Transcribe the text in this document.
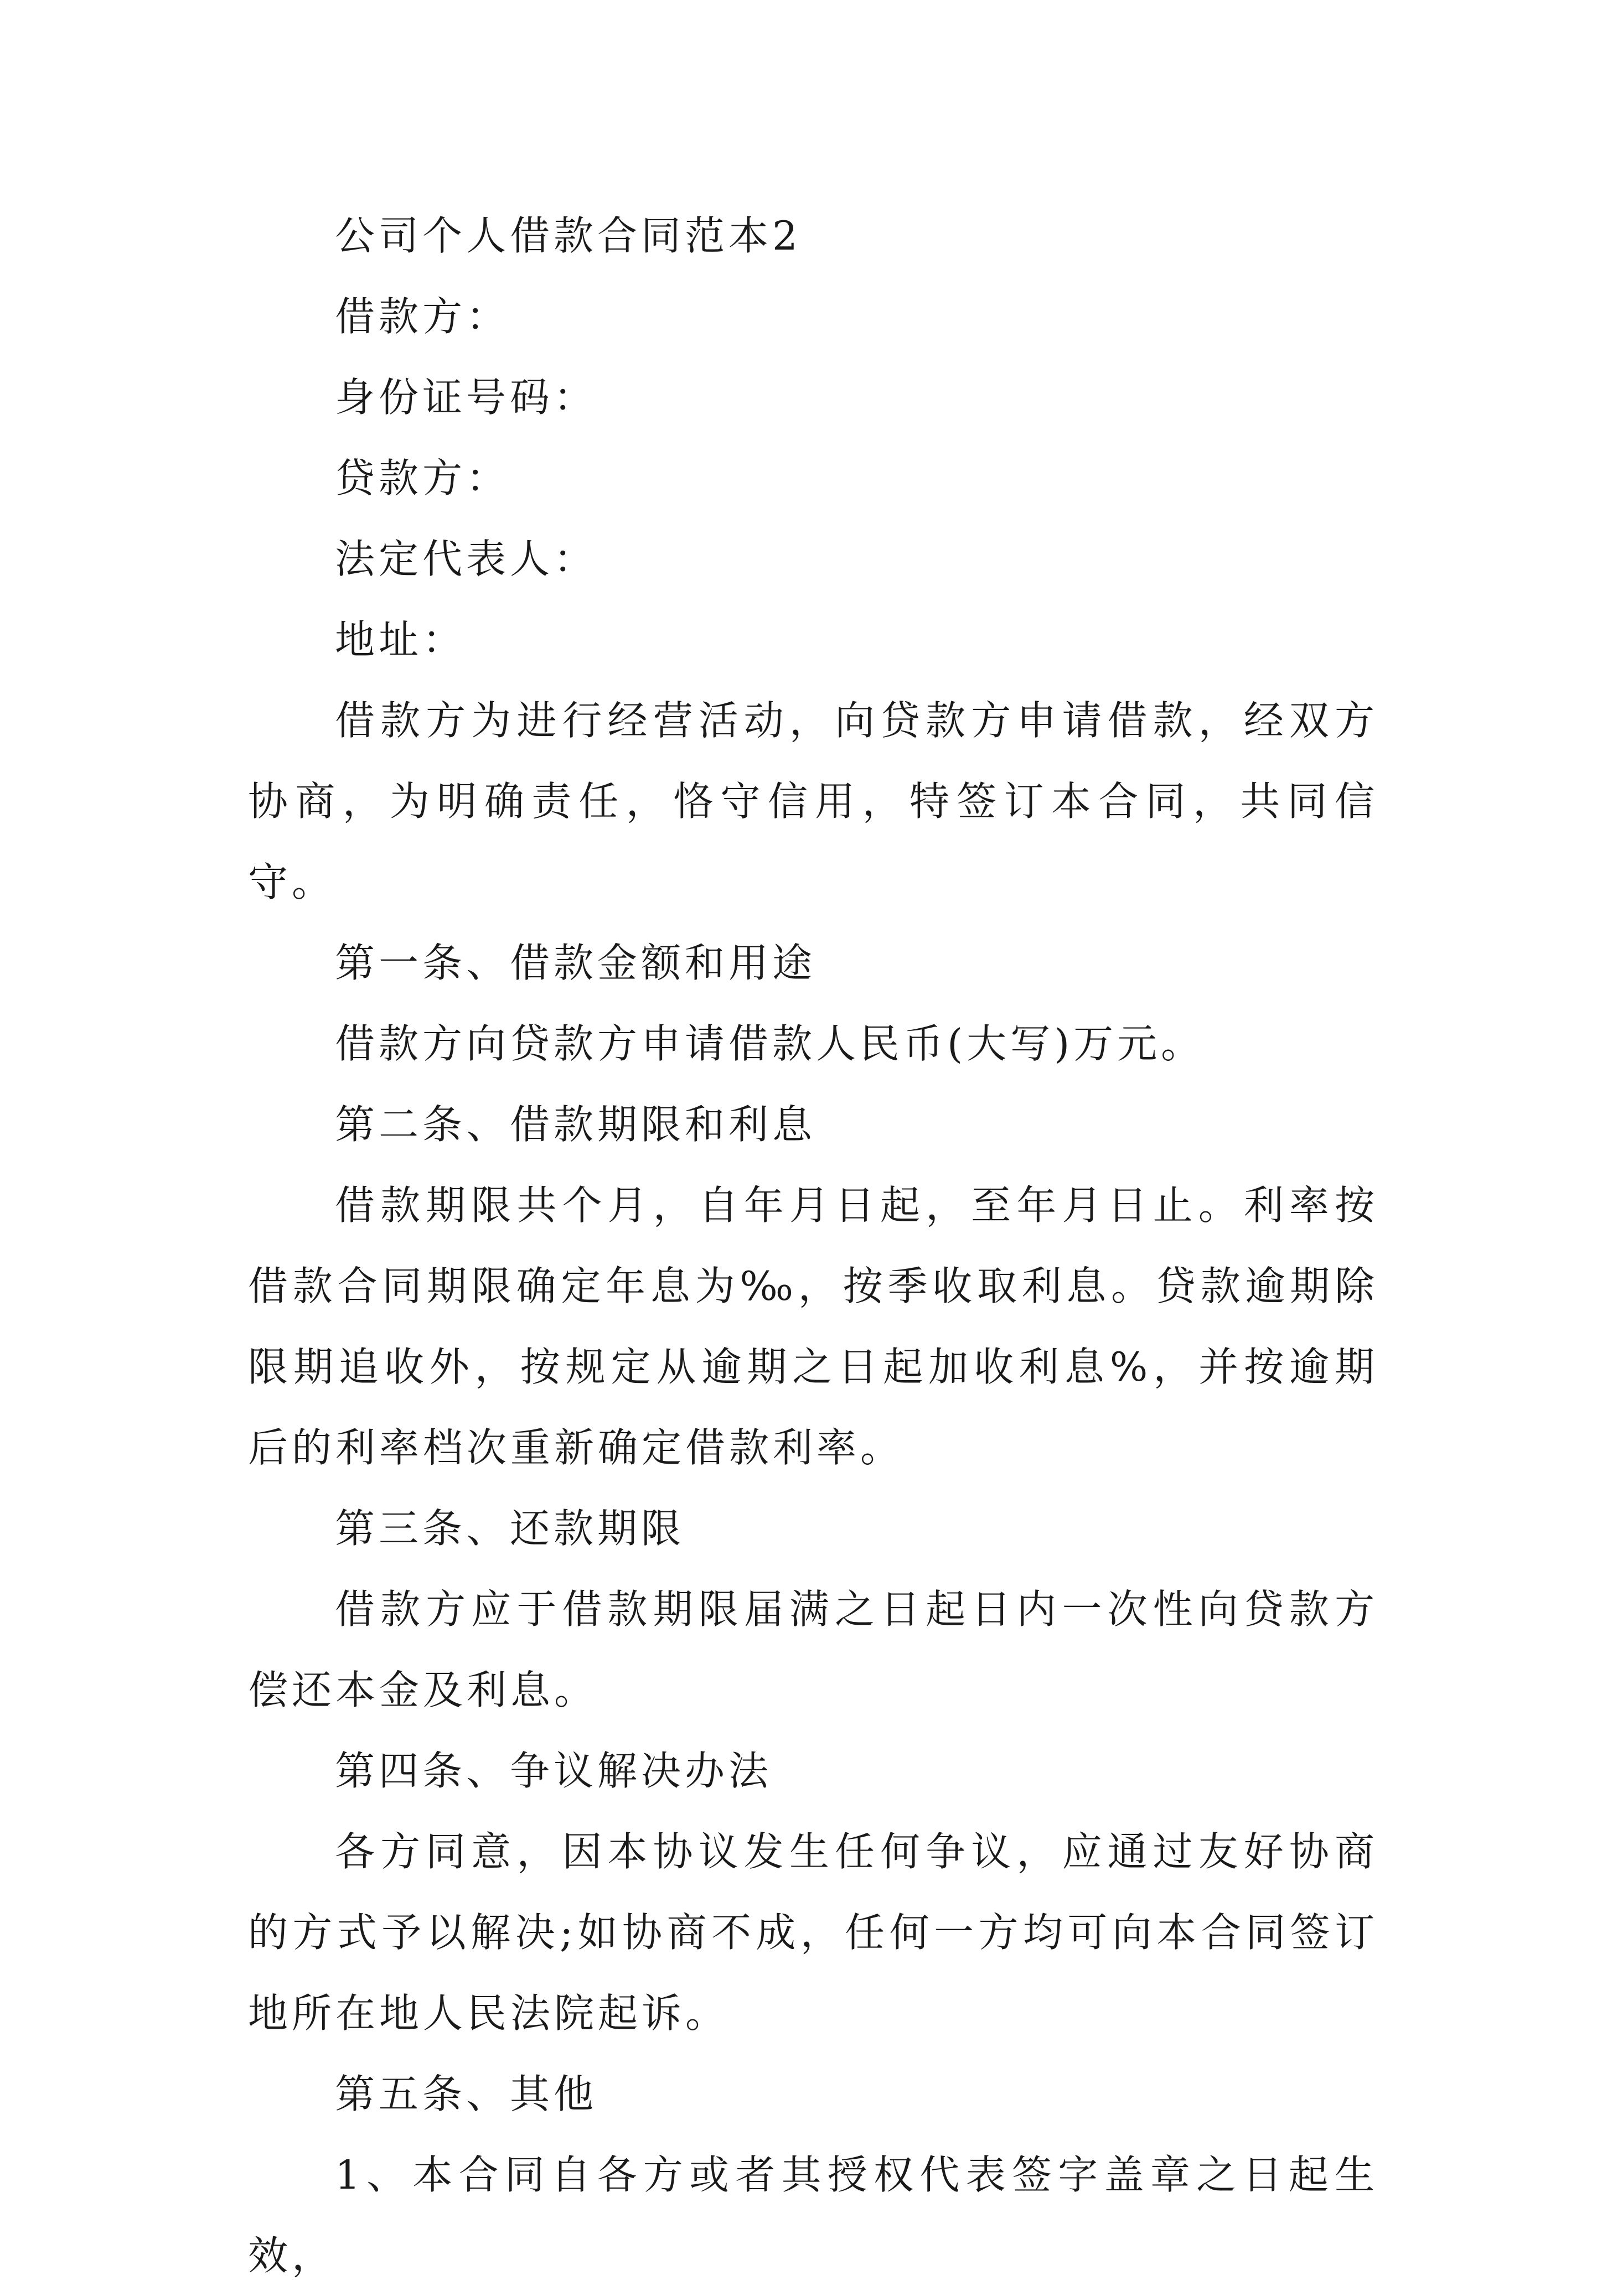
公司个人借款合同范本2

借款方：

身份证号码：

贷款方：

法定代表人：

地址：

借款方为进行经营活动，向贷款方申请借款，经双方协商，为明确责任，恪守信用，特签订本合同，共同信守。

第一条、借款金额和用途

借款方向贷款方申请借款人民币(大写)万元。

第二条、借款期限和利息

借款期限共个月，自年月日起，至年月日止。利率按借款合同期限确定年息为‰，按季收取利息。贷款逾期除限期追收外，按规定从逾期之日起加收利息%，并按逾期后的利率档次重新确定借款利率。

第三条、还款期限

借款方应于借款期限届满之日起日内一次性向贷款方偿还本金及利息。

第四条、争议解决办法

各方同意，因本协议发生任何争议，应通过友好协商的方式予以解决;如协商不成，任何一方均可向本合同签订地所在地人民法院起诉。

第五条、其他

1、本合同自各方或者其授权代表签字盖章之日起生效，
